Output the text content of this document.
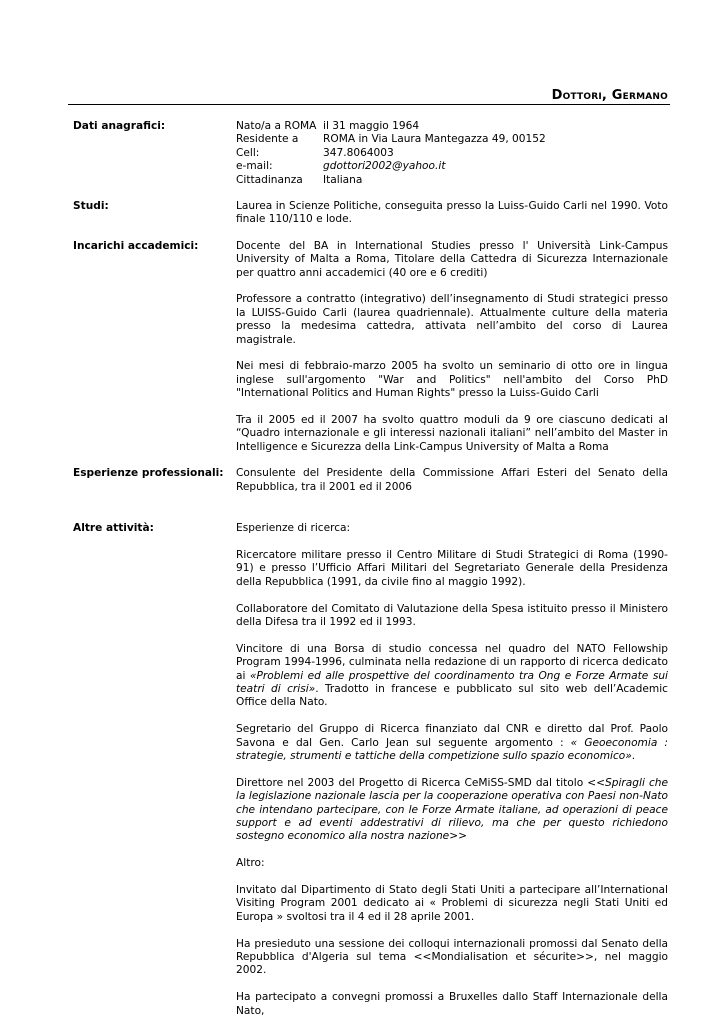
Dottori, Germano
Dati anagrafici:	Nato/a a ROMA il 31 maggio 1964
Residente a	ROMA in Via Laura Mantegazza 49, 00152
Cell:	347.8064003
e-mail:	gdottori2002@yahoo.it
Cittadinanza	Italiana
Studi:	Laurea in Scienze Politiche, conseguita presso la Luiss-Guido Carli nel 1990. Voto finale 110/110 e lode.

Incarichi accademici:	Docente del BA in International Studies presso l' Università Link-Campus University of Malta a Roma, Titolare della Cattedra di Sicurezza Internazionale per quattro anni accademici (40 ore e 6 crediti)

Professore a contratto (integrativo) dell’insegnamento di Studi strategici presso la LUISS-Guido Carli (laurea quadriennale). Attualmente culture della materia presso la medesima cattedra, attivata nell’ambito del corso di Laurea magistrale.

Nei mesi di febbraio-marzo 2005 ha svolto un seminario di otto ore in lingua inglese sull'argomento "War and Politics" nell'ambito del Corso PhD "International Politics and Human Rights" presso la Luiss-Guido Carli

Tra il 2005 ed il 2007 ha svolto quattro moduli da 9 ore ciascuno dedicati al “Quadro internazionale e gli interessi nazionali italiani” nell’ambito del Master in Intelligence e Sicurezza della Link-Campus University of Malta a Roma

Esperienze professionali:	Consulente del Presidente della Commissione Affari Esteri del Senato della Repubblica, tra il 2001 ed il 2006

Altre attività:	Esperienze di ricerca:

Ricercatore militare presso il Centro Militare di Studi Strategici di Roma (1990-91) e presso l’Ufficio Affari Militari del Segretariato Generale della Presidenza della Repubblica (1991, da civile fino al maggio 1992).

Collaboratore del Comitato di Valutazione della Spesa istituito presso il Ministero della Difesa tra il 1992 ed il 1993.

Vincitore di una Borsa di studio concessa nel quadro del NATO Fellowship Program 1994-1996, culminata nella redazione di un rapporto di ricerca dedicato ai «Problemi ed alle prospettive del coordinamento tra Ong e Forze Armate sui teatri di crisi». Tradotto in francese e pubblicato sul sito web dell’Academic Office della Nato.

Segretario del Gruppo di Ricerca finanziato dal CNR e diretto dal Prof. Paolo Savona e dal Gen. Carlo Jean sul seguente argomento : « Geoeconomia : strategie, strumenti e tattiche della competizione sullo spazio economico».

Direttore nel 2003 del Progetto di Ricerca CeMiSS-SMD dal titolo <<Spiragli che la legislazione nazionale lascia per la cooperazione operativa con Paesi non-Nato che intendano partecipare, con le Forze Armate italiane, ad operazioni di peace support e ad eventi addestrativi di rilievo, ma che per questo richiedono sostegno economico alla nostra nazione>>

Altro:

Invitato dal Dipartimento di Stato degli Stati Uniti a partecipare all’International Visiting Program 2001 dedicato ai « Problemi di sicurezza negli Stati Uniti ed Europa » svoltosi tra il 4 ed il 28 aprile 2001.

Ha presieduto una sessione dei colloqui internazionali promossi dal Senato della Repubblica d'Algeria sul tema <<Mondialisation et sécurite>>, nel maggio 2002.

Ha partecipato a convegni promossi a Bruxelles dallo Staff Internazionale della Nato,
